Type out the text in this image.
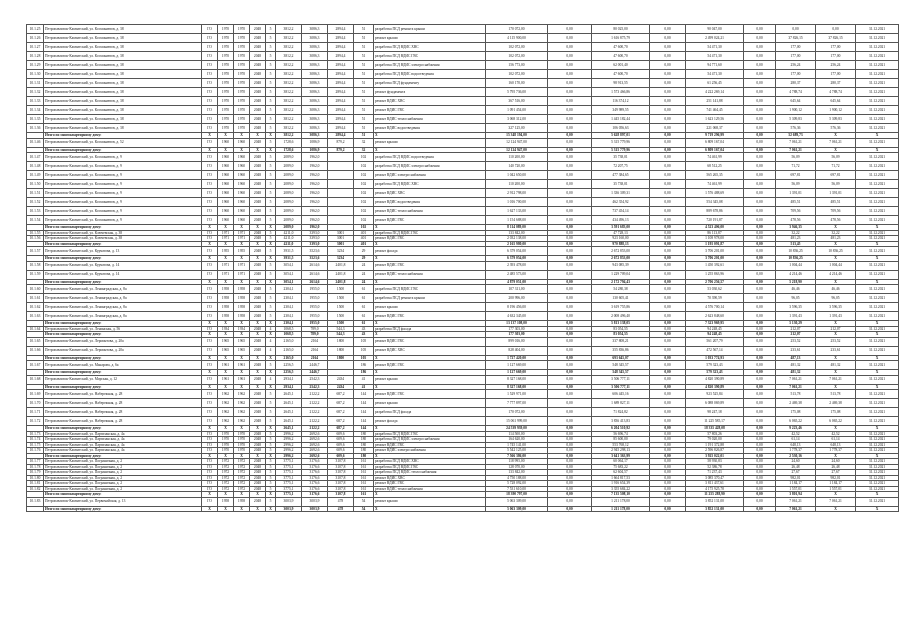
10.1.25	Петропавловск-Камчатский, ул. Космонавтов, д. 38	ГО	1970	1970	2048	5	3812,2	3086,3	2894,4	51	разработка ПСД ремонта крыши	170 072,00	0,00	80 025,00	0,00	90 047,00	0,00	0,00	0,00	31.12.2021
10.1.26	Петропавловск-Камчатский, ул. Космонавтов, д. 38	ГО	1970	1970	2048	5	3812,2	3086,3	2894,4	51	ремонт крыши	4 115 900,00	0,00	1 616 875,79	0,00	2 499 024,21	0,00	37 826,15	37 826,15	31.12.2021
10.1.27	Петропавловск-Камчатский, ул. Космонавтов, д. 38	ГО	1970	1970	2048	5	3812,2	3086,3	2894,4	51	разработка ПСД ВДИС ХВС	102 072,00	0,00	47 600,70	0,00	54 471,30	0,00	177,00	177,00	31.12.2021
10.1.28	Петропавловск-Камчатский, ул. Космонавтов, д. 38	ГО	1970	1970	2048	5	3812,2	3086,3	2894,4	51	разработка ПСД ВДИС ГВС	102 072,00	0,00	47 600,70	0,00	54 471,30	0,00	177,00	177,00	31.12.2021
10.1.29	Петропавловск-Камчатский, ул. Космонавтов, д. 38	ГО	1970	1970	2048	5	3812,2	3086,3	2894,4	51	разработка ПСД ВДИС электроснабжения	156 773,00	0,00	62 001,40	0,00	94 771,60	0,00	256,24	256,24	31.12.2021
10.1.30	Петропавловск-Камчатский, ул. Космонавтов, д. 38	ГО	1970	1970	2048	5	3812,2	3086,3	2894,4	51	разработка ПСД ВДИС водоотведения	102 072,00	0,00	47 600,70	0,00	54 471,30	0,00	177,00	177,00	31.12.2021
10.1.31	Петропавловск-Камчатский, ул. Космонавтов, д. 38	ГО	1970	1970	2048	5	3812,2	3086,3	2894,4	51	разработка ПСД фундаменту	160 170,00	0,00	98 913,55	0,00	61 256,45	0,00	280,37	280,37	31.12.2021
10.1.32	Петропавловск-Камчатский, ул. Космонавтов, д. 38	ГО	1970	1970	2048	5	3812,2	3086,3	2894,4	51	ремонт фундамента	5 795 736,00	0,00	1 573 466,86	0,00	4 222 269,14	0,00	4 788,74	4 788,74	31.12.2021
10.1.33	Петропавловск-Камчатский, ул. Космонавтов, д. 38	ГО	1970	1970	2048	5	3812,2	3086,3	2894,4	51	ремонт ВДИС ХВС	367 516,00	0,00	116 374,12	0,00	251 141,88	0,00	645,64	645,64	31.12.2021
10.1.34	Петропавловск-Камчатский, ул. Космонавтов, д. 38	ГО	1970	1970	2048	5	3812,2	3086,3	2894,4	51	ремонт ВДИС ГВС	1 091 454,00	0,00	349 989,55	0,00	741 464,45	0,00	1 900,12	1 900,12	31.12.2021
10.1.35	Петропавловск-Камчатский, ул. Космонавтов, д. 38	ГО	1970	1970	2048	5	3812,2	3086,3	2894,4	51	ремонт ВДИС теплоснабжения	3 068 312,00	0,00	1 445 182,44	0,00	1 623 129,56	0,00	5 309,83	5 309,83	31.12.2021
10.1.36	Петропавловск-Камчатский, ул. Космонавтов, д. 38	ГО	1970	1970	2048	5	3812,2	3086,3	2894,4	51	ремонт ВДИС водоотведения	327 125,00	0,00	106 056,63	0,00	221 068,37	0,00	576,36	576,36	31.12.2021
	Итого по многоквартирному дому:	X	X	X	X	X	3812,2	3086,3	2894,4	51	X	15 348 194,00	0,00	5 628 897,01	0,00	9 719 296,99	0,00	52 689,73	X	X
10.1.46	Петропавловск-Камчатский, ул. Космонавтов, д. 52	ГО	1960	1960	2048	5	1728,6	1086,9	879,2	32	ремонт крыши	12 124 947,00	0,00	5 315 779,96	0,00	6 809 167,04	0,00	7 061,21	7 061,21	31.12.2021
	Итого по многоквартирному дому:	X	X	X	X	X	1728,6	1086,9	879,2	32	X	12 124 947,00	0,00	5 315 779,96	0,00	6 809 167,04	0,00	7 061,21	X	X
10.1.47	Петропавловск-Камчатский, ул. Космонавтов, д. 9	ГО	1960	1960	2048	5	2089,0	1962,0		102	разработка ПСД ВДИС водоотведения	110 200,00	0,00	35 738,01	0,00	74 461,99	0,00	56,09	56,09	31.12.2021
10.1.48	Петропавловск-Камчатский, ул. Космонавтов, д. 9	ГО	1960	1960	2048	5	2089,0	1962,0		102	разработка ПСД ВДИС электроснабжения	140 720,00	0,00	72 207,75	0,00	68 512,25	0,00	71,72	71,72	31.12.2021
10.1.49	Петропавловск-Камчатский, ул. Космонавтов, д. 9	ГО	1960	1960	2048	5	2089,0	1962,0		102	ремонт ВДИС электроснабжения	1 042 650,00	0,00	477 384,65	0,00	565 265,35	0,00	697,81	697,81	31.12.2021
10.1.50	Петропавловск-Камчатский, ул. Космонавтов, д. 9	ГО	1960	1960	2048	5	2089,0	1962,0		102	разработка ПСД ВДИС ХВС	110 200,00	0,00	35 738,01	0,00	74 461,99	0,00	56,09	56,09	31.12.2021
10.1.51	Петропавловск-Камчатский, ул. Космонавтов, д. 9	ГО	1960	1960	2048	5	2089,0	1962,0		102	ремонт ВДИС ХВС	2 912 798,00	0,00	1 336 309,31	0,00	1 576 488,69	0,00	1 391,01	1 391,01	31.12.2021
10.1.52	Петропавловск-Камчатский, ул. Космонавтов, д. 9	ГО	1960	1960	2048	5	2089,0	1962,0		102	ремонт ВДИС водоотведения	1 016 700,00	0,00	462 354,92	0,00	554 345,08	0,00	485,51	485,51	31.12.2021
10.1.53	Петропавловск-Камчатский, ул. Космонавтов, д. 9	ГО	1960	1960	2048	5	2089,0	1962,0		102	ремонт ВДИС теплоснабжения	1 627 133,00	0,00	737 454,14	0,00	889 678,86	0,00	709,56	709,56	31.12.2021
10.1.54	Петропавловск-Камчатский, ул. Космонавтов, д. 9	ГО	1960	1960	2048	5	2089,0	1962,0		102	ремонт ВДИС ГВС	1 154 688,00	0,00	434 496,13	0,00	720 191,87	0,00	478,56	478,56	31.12.2021
	Итого по многоквартирному дому:	X	X	X	X	X	2089,0	1962,0		102	X	8 114 089,00	0,00	3 591 683,00	0,00	4 523 406,00	0,00	3 946,35	X	X
10.1.55	Петропавловск-Камчатский, ул. Ключевская, д. 38	ГО	1971	1971	2048	5	4211,0	3393,0	3001	401	разработка ПСД ВДИС ГВС	133 842,00	0,00	47 728,13	0,00	86 113,87	0,00	32,22	32,22	31.12.2021
10.1.56	Петропавловск-Камчатский, ул. Ключевская, д. 38	ГО	1971	1971	2048	5	4211,0	3393,0	3001	401	ремонт ВДИС ГВС	2 032 138,00	0,00	923 160,00	0,00	1 108 978,00	0,00	481,23	481,23	31.12.2021
	Итого по многоквартирному дому:	X	X	X	X	X	4211,0	3393,0	3001	401	X	2 165 980,00	0,00	970 888,13	0,00	1 195 091,87	0,00	513,45	X	X
10.1.57	Петропавловск-Камчатский, ул. Курчатова, д. 13	ГО	1955	1955	2048	5	3931,5	3523,6	3234	29	ремонт фасада	6 379 054,00	0,00	2 672 853,00	0,00	3 706 201,00	0,00	10 836,25	10 836,25	31.12.2021
	Итого по многоквартирному дому:	X	X	X	X	X	3931,5	3523,6	3234	29	X	6 379 054,00	0,00	2 672 853,00	0,00	3 706 201,00	0,00	10 836,25	X	X
10.1.58	Петропавловск-Камчатский, ул. Курчатова, д. 14	ГО	1971	1971	2048	5	3054,1	2614,6	2401,8	24	ремонт ВДИС ГВС	2 393 478,00	0,00	943 085,39	0,00	1 450 392,61	0,00	1 004,44	1 004,44	31.12.2021
10.1.59	Петропавловск-Камчатский, ул. Курчатова, д. 14	ГО	1971	1971	2048	5	3054,1	2614,6	2401,8	24	ремонт ВДИС теплоснабжения	2 485 573,00	0,00	1 229 709,04	0,00	1 255 863,96	0,00	4 214,46	4 214,46	31.12.2021
	Итого по многоквартирному дому:	X	X	X	X	X	3054,1	2614,6	2401,8	24	X	4 879 051,00	0,00	2 172 794,43	0,00	2 706 256,57	0,00	5 218,90	X	X
10.1.60	Петропавловск-Камчатский, ул. Ленинградская, д. 8а	ГО	1958	1958	2048	5	2304,1	1955,0	1500	61	разработка ПСД ВДИС ГВС	107 311,00	0,00	54 280,38	0,00	53 030,62	0,00	46,46	46,46	31.12.2021
10.1.61	Петропавловск-Камчатский, ул. Ленинградская, д. 8а	ГО	1958	1958	2048	5	2304,1	1955,0	1500	61	разработка ПСД ремонта крыши	200 996,00	0,00	130 605,41	0,00	70 390,59	0,00	96,05	96,05	31.12.2021
10.1.62	Петропавловск-Камчатский, ул. Ленинградская, д. 8а	ГО	1958	1958	2048	5	2304,1	1955,0	1500	61	ремонт крыши	8 196 456,00	0,00	3 619 755,86	0,00	4 576 700,14	0,00	3 596,35	3 596,35	31.12.2021
10.1.63	Петропавловск-Камчатский, ул. Ленинградская, д. 8а	ГО	1958	1958	2048	5	2304,1	1955,0	1500	61	ремонт ВДИС ГВС	4 632 345,00	0,00	2 008 496,40	0,00	2 623 848,60	0,00	1 391,43	1 391,43	31.12.2021
	Итого по многоквартирному дому:	X	X	X	X	X	2304,1	1955,0	1500	61	X	13 137 108,00	0,00	5 813 138,05	0,00	7 323 969,95	0,00	5 130,29	X	X
10.1.64	Петропавловск-Камчатский, ул. Ленинская, д. 56	ГО	1934	1934	2048	4	1068,5	789,0	544,3	43	разработка ПСД фасада	177 303,00	0,00	83 054,55	0,00	94 248,45	0,00	212,07	212,07	31.12.2021
	Итого по многоквартирному дому:	X	X	X	X	X	1068,5	789,0	544,3	43	X	177 303,00	0,00	83 054,55	0,00	94 248,45	0,00	212,07	X	X
10.1.65	Петропавловск-Камчатский, ул. Лермонтова, д. 20а	ГО	1965	1965	2048	4	2165,0	2164	1800	105	ремонт ВДИС ГВС	899 016,00	0,00	337 808,21	0,00	561 207,79	0,00	253,52	253,52	31.12.2021
10.1.66	Петропавловск-Камчатский, ул. Лермонтова, д. 20а	ГО	1965	1965	2048	4	2165,0	2164	1800	105	ремонт ВДИС ХВС	828 404,00	0,00	355 836,86	0,00	472 567,14	0,00	233,61	233,61	31.12.2021
	Итого по многоквартирному дому:	X	X	X	X	X	2165,0	2164	1800	105	X	1 727 420,00	0,00	693 645,07	0,00	1 033 774,93	0,00	487,13	X	X
10.1.67	Петропавловск-Камчатский, ул. Макарова, д. 6а	ГО	1961	1961	2048	5	2256,5	2446,7		186	ремонт ВДИС ГВС	1 127 669,00	0,00	548 345,57	0,00	579 323,43	0,00	481,32	481,32	31.12.2021
	Итого по многоквартирному дому:	X	X	X	X	X	2256,5	2446,7		186	X	1 127 669,00	0,00	548 345,57	0,00	579 323,43	0,00	481,32	X	X
10.1.68	Петропавловск-Камчатский, ул. Морская, д. 12	ГО	1961	1961	2048	4	2934,1	2542,3	2434	41	ремонт крыши	8 327 168,00	0,00	3 506 777,11	0,00	4 820 390,89	0,00	7 061,21	7 061,21	31.12.2021
	Итого по многоквартирному дому:	X	X	X	X	X	2934,1	2542,3	2434	41	X	8 327 168,00	0,00	3 506 777,11	0,00	4 820 390,89	0,00	7 061,21	X	X
10.1.69	Петропавловск-Камчатский, ул. Набережная, д. 28	ГО	1962	1962	2048	5	2645,1	2122,2	687,2	144	ремонт ВДИС ГВС	1 529 971,00	0,00	606 445,16	0,00	923 525,84	0,00	513,78	513,78	31.12.2021
10.1.70	Петропавловск-Камчатский, ул. Набережная, д. 28	ГО	1962	1962	2048	5	2645,1	2122,2	687,2	144	ремонт крыши	7 777 897,00	0,00	1 689 827,11	0,00	6 088 069,89	0,00	2 469,38	2 469,38	31.12.2021
10.1.71	Петропавловск-Камчатский, ул. Набережная, д. 28	ГО	1962	1962	2048	5	2645,1	2122,2	687,2	144	разработка ПСД фасада	170 072,00	0,00	71 824,82	0,00	98 247,18	0,00	175,08	175,08	31.12.2021
10.1.72	Петропавловск-Камчатский, ул. Набережная, д. 28	ГО	1962	1962	2048	5	2645,1	2122,2	687,2	144	ремонт фасада	15 061 999,00	0,00	3 836 413,83	0,00	11 225 585,17	0,00	6 065,22	6 065,22	31.12.2021
	Итого по многоквартирному дому:	X	X	X	X	X	2645,1	2122,2	687,2	144	X	24 539 939,00	0,00	6 204 510,92	0,00	18 335 428,08	0,00	9 223,46	X	X
10.1.73	Петропавловск-Камчатский, ул. Партизанская, д. 4а	ГО	1970	1970	2048	5	2996,2	2692,6	609,6	180	разработка ПСД ВДИС ГВС	114 500,00	0,00	56 696,74	0,00	57 803,26	0,00	42,52	42,52	31.12.2021
10.1.74	Петропавловск-Камчатский, ул. Партизанская, д. 4а	ГО	1970	1970	2048	5	2996,2	2692,6	609,6	180	разработка ПСД ВДИС электроснабжения	164 620,00	0,00	85 600,00	0,00	79 020,00	0,00	61,14	61,14	31.12.2021
10.1.75	Петропавловск-Камчатский, ул. Партизанская, д. 4а	ГО	1970	1970	2048	5	2996,2	2692,6	609,6	180	ремонт ВДИС ГВС	1 745 141,00	0,00	553 768,12	0,00	1 191 372,88	0,00	648,13	648,13	31.12.2021
10.1.76	Петропавловск-Камчатский, ул. Партизанская, д. 4а	ГО	1970	1970	2048	5	2996,2	2692,6	609,6	180	ремонт ВДИС электроснабжения	5 542 125,00	0,00	2 945 298,13	0,00	2 596 826,87	0,00	1 778,37	1 778,37	31.12.2021
	Итого по многоквартирному дому:	X	X	X	X	X	2996,2	2692,6	609,6	180	X	7 566 386,00	0,00	3 641 363,99	0,00	3 925 022,01	0,00	2 530,16	X	X
10.1.77	Петропавловск-Камчатский, ул. Пограничная, д. 2	ГО	1972	1972	2048	5	3775,1	3176,6	3107,8	161	разработка ПСД ВДИС ХВС	118 995,00	0,00	60 064,17	0,00	58 930,83	0,00	24,60	24,60	31.12.2021
10.1.78	Петропавловск-Камчатский, ул. Пограничная, д. 2	ГО	1972	1972	2048	5	3775,1	3176,6	3107,8	161	разработка ПСД ВДИС ГВС	128 070,00	0,00	75 683,22	0,00	52 386,78	0,00	26,48	26,48	31.12.2021
10.1.79	Петропавловск-Камчатский, ул. Пограничная, д. 2	ГО	1972	1972	2048	5	3775,1	3176,6	3107,8	161	разработка ПСД ВДИС теплоснабжения	133 842,00	0,00	62 604,57	0,00	71 237,43	0,00	27,67	27,67	31.12.2021
10.1.80	Петропавловск-Камчатский, ул. Пограничная, д. 2	ГО	1972	1972	2048	5	3775,1	3176,6	3107,8	161	ремонт ВДИС ХВС	4 750 188,00	0,00	1 664 817,53	0,00	3 085 370,47	0,00	982,01	982,01	31.12.2021
10.1.81	Петропавловск-Камчатский, ул. Пограничная, д. 2	ГО	1972	1972	2048	5	3775,1	3176,6	3107,8	161	ремонт ВДИС ГВС	5 728 092,00	0,00	1 916 654,39	0,00	3 811 437,61	0,00	1 184,17	1 184,17	31.12.2021
10.1.82	Петропавловск-Камчатский, ул. Пограничная, д. 2	ГО	1972	1972	2048	5	3775,1	3176,6	3107,8	161	ремонт ВДИС теплоснабжения	7 531 610,00	0,00	3 355 684,22	0,00	4 175 925,78	0,00	1 557,01	1 557,01	31.12.2021
	Итого по многоквартирному дому:	X	X	X	X	X	3775,1	3176,6	3107,8	161	X	18 390 797,00	0,00	7 135 508,10	0,00	11 255 288,90	0,00	3 801,94	X	X
10.1.83	Петропавловск-Камчатский, ул. Первомайская, д. 13	ГО	1958	1958	2048	5	3003,9	3003,9	478	54	ремонт крыши	5 063 309,00	0,00	1 211 178,00	0,00	3 852 131,00	0,00	7 061,21	7 061,21	31.12.2021
	Итого по многоквартирному дому:	X	X	X	X	X	3003,9	3003,9	478	54	X	5 063 309,00	0,00	1 211 178,00	0,00	3 852 131,00	0,00	7 061,21	X	X
